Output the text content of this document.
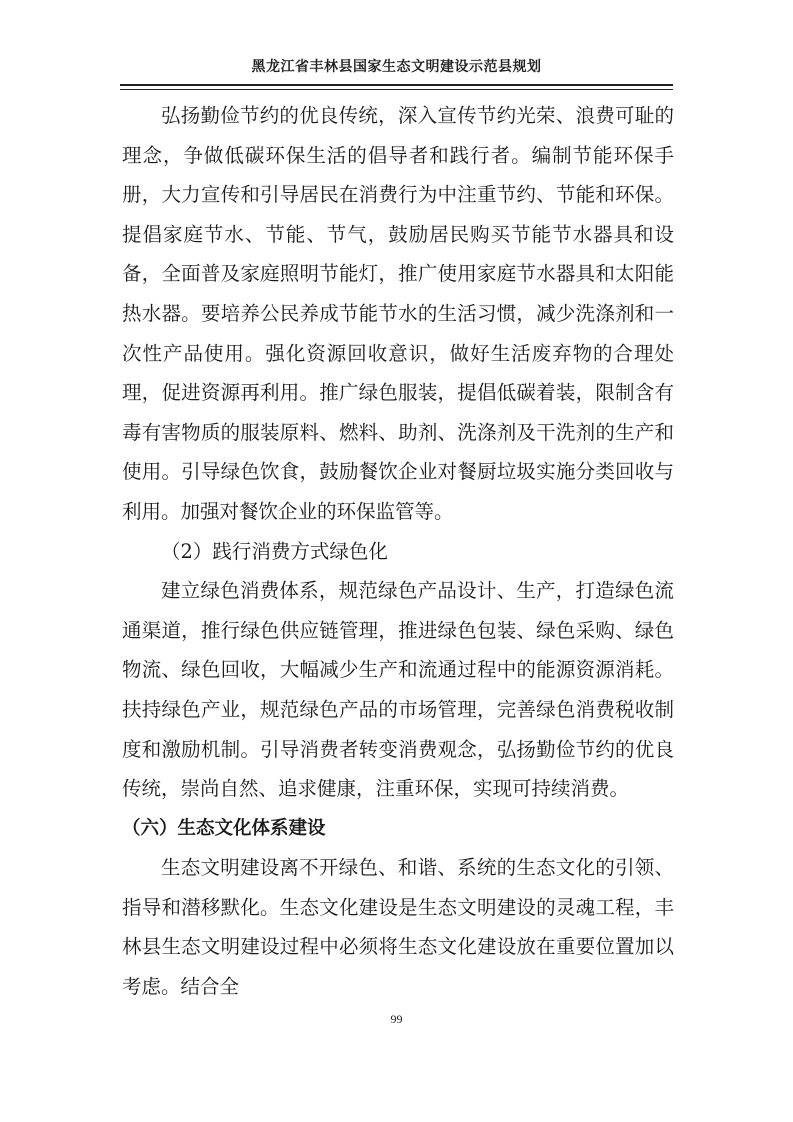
黑龙江省丰林县国家生态文明建设示范县规划

弘扬勤俭节约的优良传统，深入宣传节约光荣、浪费可耻的理念，争做低碳环保生活的倡导者和践行者。编制节能环保手册，大力宣传和引导居民在消费行为中注重节约、节能和环保。提倡家庭节水、节能、节气，鼓励居民购买节能节水器具和设备，全面普及家庭照明节能灯，推广使用家庭节水器具和太阳能热水器。要培养公民养成节能节水的生活习惯，减少洗涤剂和一次性产品使用。强化资源回收意识，做好生活废弃物的合理处理，促进资源再利用。推广绿色服装，提倡低碳着装，限制含有毒有害物质的服装原料、燃料、助剂、洗涤剂及干洗剂的生产和使用。引导绿色饮食，鼓励餐饮企业对餐厨垃圾实施分类回收与利用。加强对餐饮企业的环保监管等。

（2）践行消费方式绿色化

建立绿色消费体系，规范绿色产品设计、生产，打造绿色流通渠道，推行绿色供应链管理，推进绿色包装、绿色采购、绿色物流、绿色回收，大幅减少生产和流通过程中的能源资源消耗。扶持绿色产业，规范绿色产品的市场管理，完善绿色消费税收制度和激励机制。引导消费者转变消费观念，弘扬勤俭节约的优良传统，崇尚自然、追求健康，注重环保，实现可持续消费。

（六）生态文化体系建设

生态文明建设离不开绿色、和谐、系统的生态文化的引领、指导和潜移默化。生态文化建设是生态文明建设的灵魂工程，丰林县生态文明建设过程中必须将生态文化建设放在重要位置加以考虑。结合全

99
